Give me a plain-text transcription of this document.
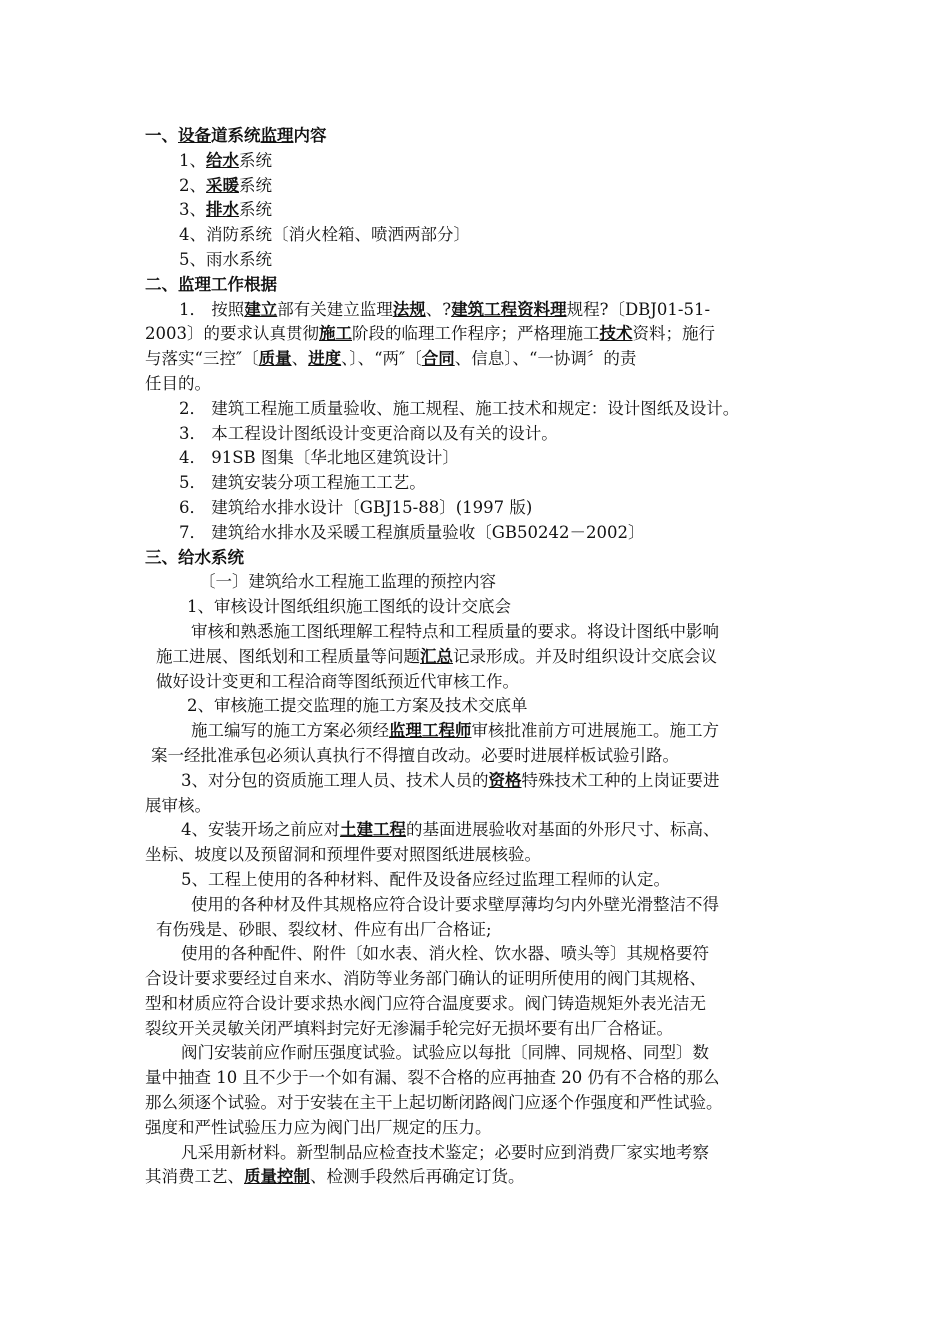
一、设备道系统监理内容
1、给水系统
2、采暖系统
3、排水系统
4、消防系统〔消火栓箱、喷洒两部分〕
5、雨水系统
二、监理工作根据
1． 按照建立部有关建立监理法规、?建筑工程资料理规程?〔DBJ01-51-
2003〕的要求认真贯彻施工阶段的临理工作程序；严格理施工技术资料；施行
与落实“三控″〔质量、进度、〕、“两″〔合同、信息〕、“一协调〞的责
任目的。
2． 建筑工程施工质量验收、施工规程、施工技术和规定：设计图纸及设计。
3． 本工程设计图纸设计变更洽商以及有关的设计。
4． 91SB 图集〔华北地区建筑设计〕
5． 建筑安装分项工程施工工艺。
6． 建筑给水排水设计〔GBJ15-88〕(1997 版)
7． 建筑给水排水及采暖工程旗质量验收〔GB50242－2002〕
三、给水系统
〔一〕建筑给水工程施工监理的预控内容
1、审核设计图纸组织施工图纸的设计交底会
审核和熟悉施工图纸理解工程特点和工程质量的要求。将设计图纸中影响
施工进展、图纸划和工程质量等问题汇总记录形成。并及时组织设计交底会议
做好设计变更和工程洽商等图纸预近代审核工作。
2、审核施工提交监理的施工方案及技术交底单
施工编写的施工方案必须经监理工程师审核批准前方可进展施工。施工方
案一经批准承包必须认真执行不得擅自改动。必要时进展样板试验引路。
3、对分包的资质施工理人员、技术人员的资格特殊技术工种的上岗证要进
展审核。
4、安装开场之前应对土建工程的基面进展验收对基面的外形尺寸、标高、
坐标、坡度以及预留洞和预埋件要对照图纸进展核验。
5、工程上使用的各种材料、配件及设备应经过监理工程师的认定。
使用的各种材及件其规格应符合设计要求壁厚薄均匀内外壁光滑整洁不得
有伤残是、砂眼、裂纹材、件应有出厂合格证;
使用的各种配件、附件〔如水表、消火栓、饮水器、喷头等〕其规格要符
合设计要求要经过自来水、消防等业务部门确认的证明所使用的阀门其规格、
型和材质应符合设计要求热水阀门应符合温度要求。阀门铸造规矩外表光洁无
裂纹开关灵敏关闭严填料封完好无渗漏手轮完好无损坏要有出厂合格证。
阀门安装前应作耐压强度试验。试验应以每批〔同牌、同规格、同型〕数
量中抽查 10 且不少于一个如有漏、裂不合格的应再抽查 20 仍有不合格的那么
那么须逐个试验。对于安装在主干上起切断闭路阀门应逐个作强度和严性试验。
强度和严性试验压力应为阀门出厂规定的压力。
凡采用新材料。新型制品应检查技术鉴定；必要时应到消费厂家实地考察
其消费工艺、质量控制、检测手段然后再确定订货。
